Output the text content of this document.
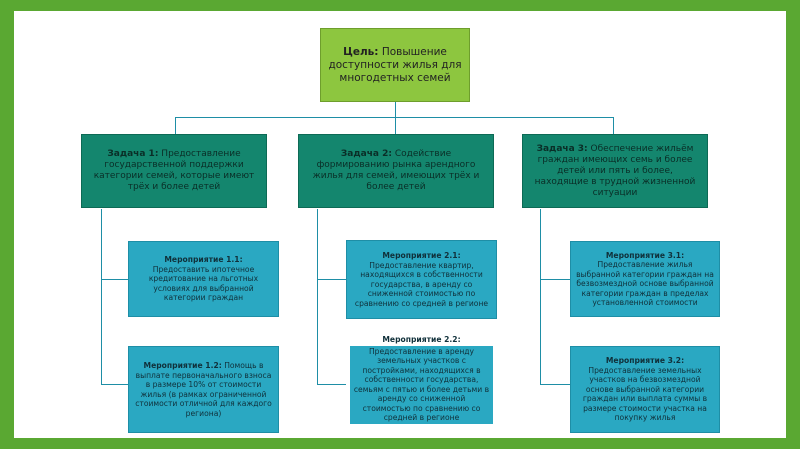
Цель: Повышение доступности жилья для многодетных семей
Задача 1: Предоставление государственной поддержки категории семей, которые имеют трёх и более детей
Задача 2: Содействие формированию рынка арендного жилья для семей, имеющих трёх и более детей
Задача 3: Обеспечение жильём граждан имеющих семь и более детей или пять и более, находящие в трудной жизненной ситуации
Мероприятие 1.1:
Предоставить ипотечное кредитование на льготных условиях для выбранной категории граждан
Мероприятие 1.2: Помощь в выплате первоначального взноса в размере 10% от стоимости жилья (в рамках ограниченной стоимости отличной для каждого региона)
Мероприятие 2.1:
Предоставление квартир, находящихся в собственности государства, в аренду со сниженной стоимостью по сравнению со средней в регионе
Мероприятие 2.2:
Предоставление в аренду земельных участков с постройками, находящихся в собственности государства, семьям с пятью и более детьми в аренду со сниженной стоимостью по сравнению со средней в регионе
Мероприятие 3.1:
Предоставление жилья выбранной категории граждан на безвозмездной основе выбранной категории граждан в пределах установленной стоимости
Мероприятие 3.2:
Предоставление земельных участков на безвозмездной основе выбранной категории граждан или выплата суммы в размере стоимости участка на покупку жилья
